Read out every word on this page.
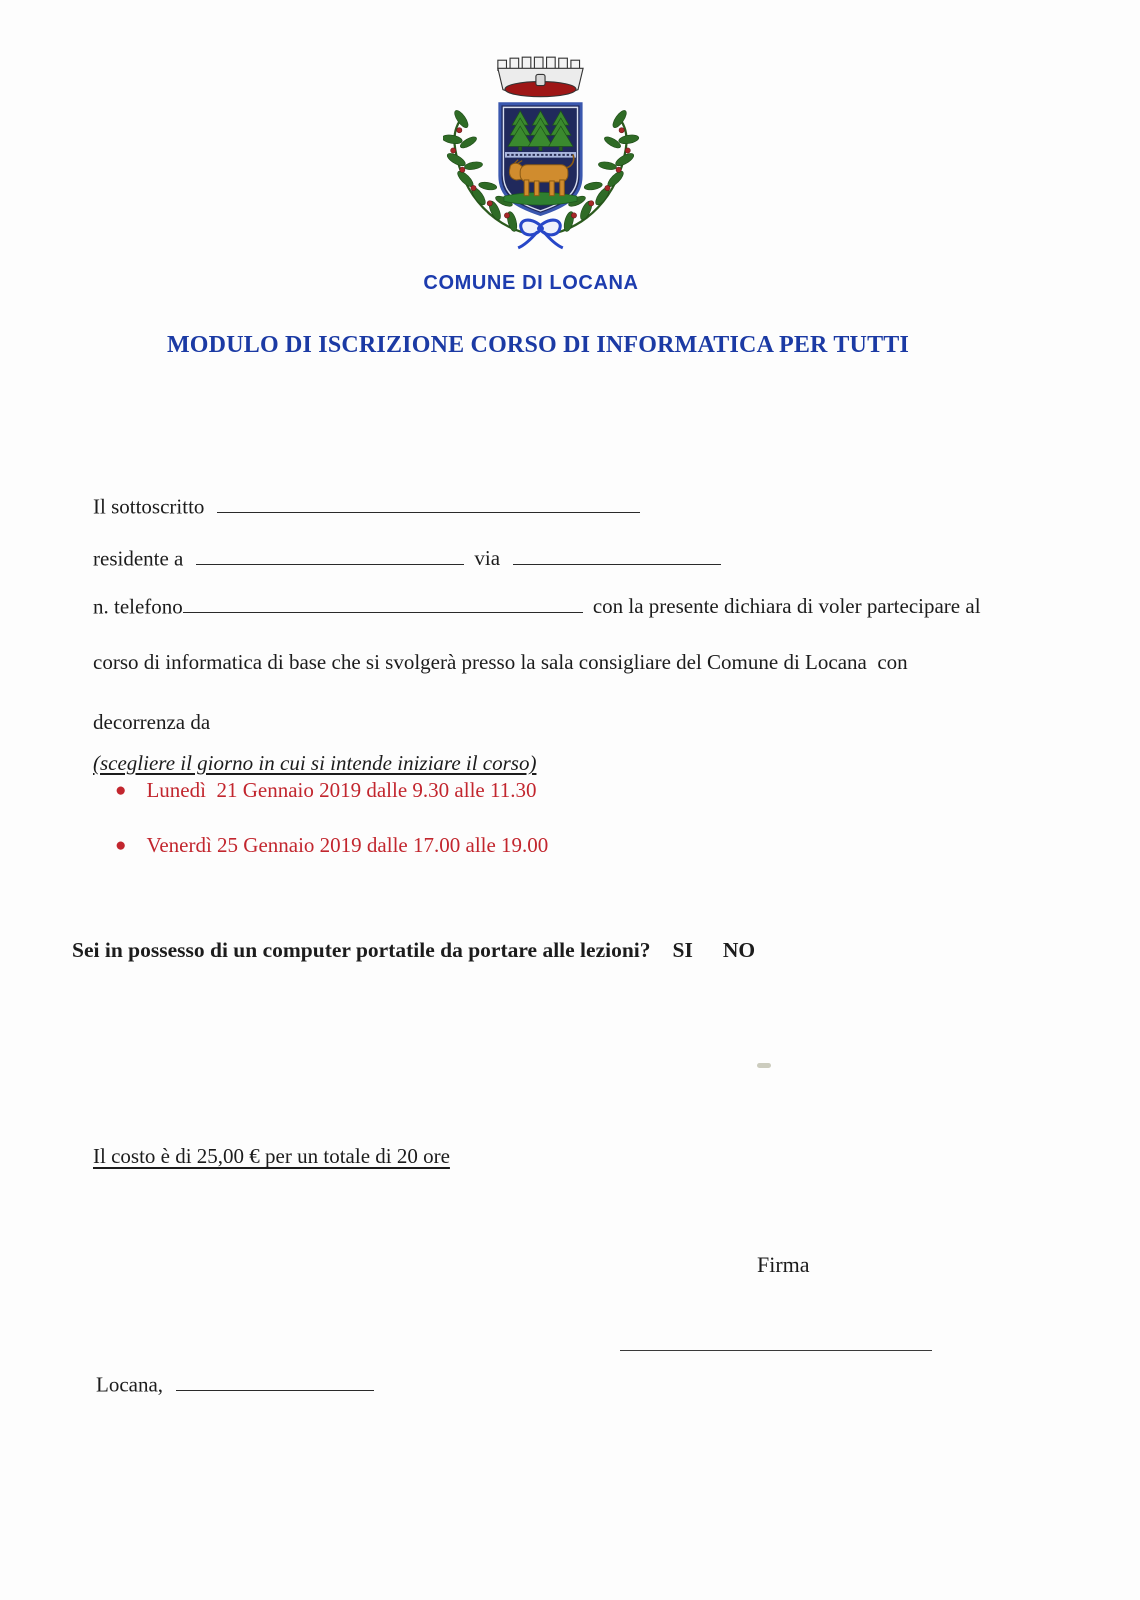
COMUNE DI LOCANA
MODULO DI ISCRIZIONE CORSO DI INFORMATICA PER TUTTI

Il sottoscritto

residente a	via

n. telefono	con la presente dichiara di voler partecipare al

corso di informatica di base che si svolgerà presso la sala consigliare del Comune di Locana  con

decorrenza da

(scegliere il giorno in cui si intende iniziare il corso)

● Lunedì  21 Gennaio 2019 dalle 9.30 alle 11.30
● Venerdì 25 Gennaio 2019 dalle 17.00 alle 19.00
Sei in possesso di un computer portatile da portare alle lezioni? SI NO

Il costo è di 25,00 € per un totale di 20 ore

Firma

Locana,
